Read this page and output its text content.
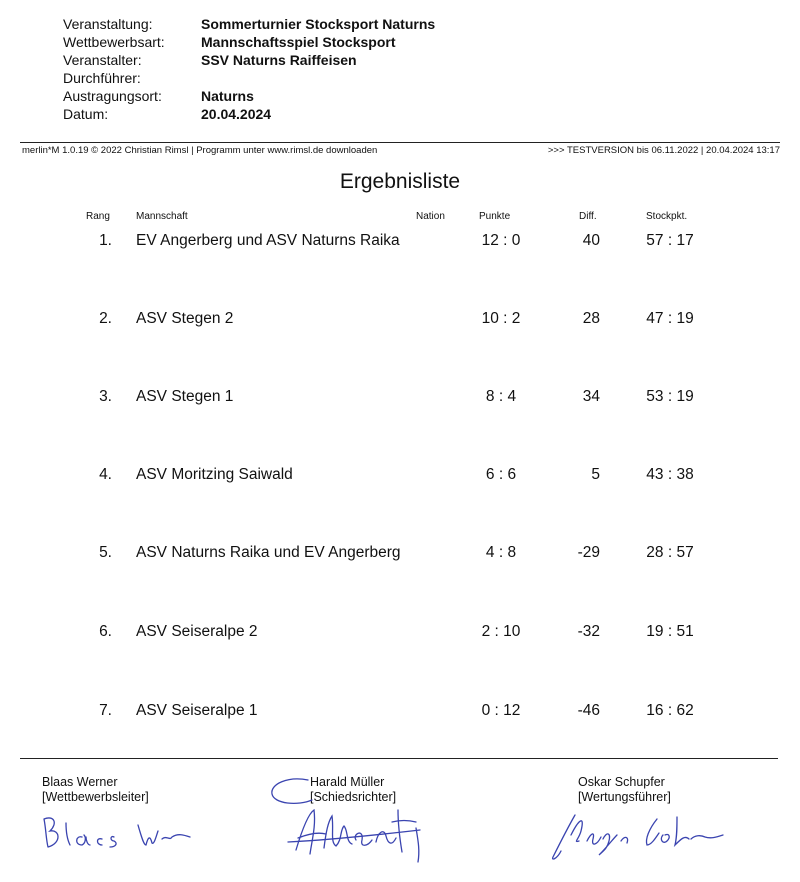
Veranstaltung:	Sommerturnier Stocksport Naturns
Wettbewerbsart:	Mannschaftsspiel Stocksport
Veranstalter:	SSV Naturns Raiffeisen
Durchführer:
Austragungsort:	Naturns
Datum:	20.04.2024
merlin*M 1.0.19 © 2022 Christian Rimsl | Programm unter www.rimsl.de downloaden	>>> TESTVERSION bis 06.11.2022 | 20.04.2024 13:17
Ergebnisliste
Rang	Mannschaft	Nation	Punkte	Diff.	Stockpkt.
1. EV Angerberg und ASV Naturns Raika	12 : 0	40	57 : 17
2. ASV Stegen 2	10 : 2	28	47 : 19
3. ASV Stegen 1	8 : 4	34	53 : 19
4. ASV Moritzing Saiwald	6 : 6	5	43 : 38
5. ASV Naturns Raika und EV Angerberg	4 : 8	-29	28 : 57
6. ASV Seiseralpe 2	2 : 10	-32	19 : 51
7. ASV Seiseralpe 1	0 : 12	-46	16 : 62
Blaas Werner
[Wettbewerbsleiter]
Harald Müller
[Schiedsrichter]
Oskar Schupfer
[Wertungsführer]
